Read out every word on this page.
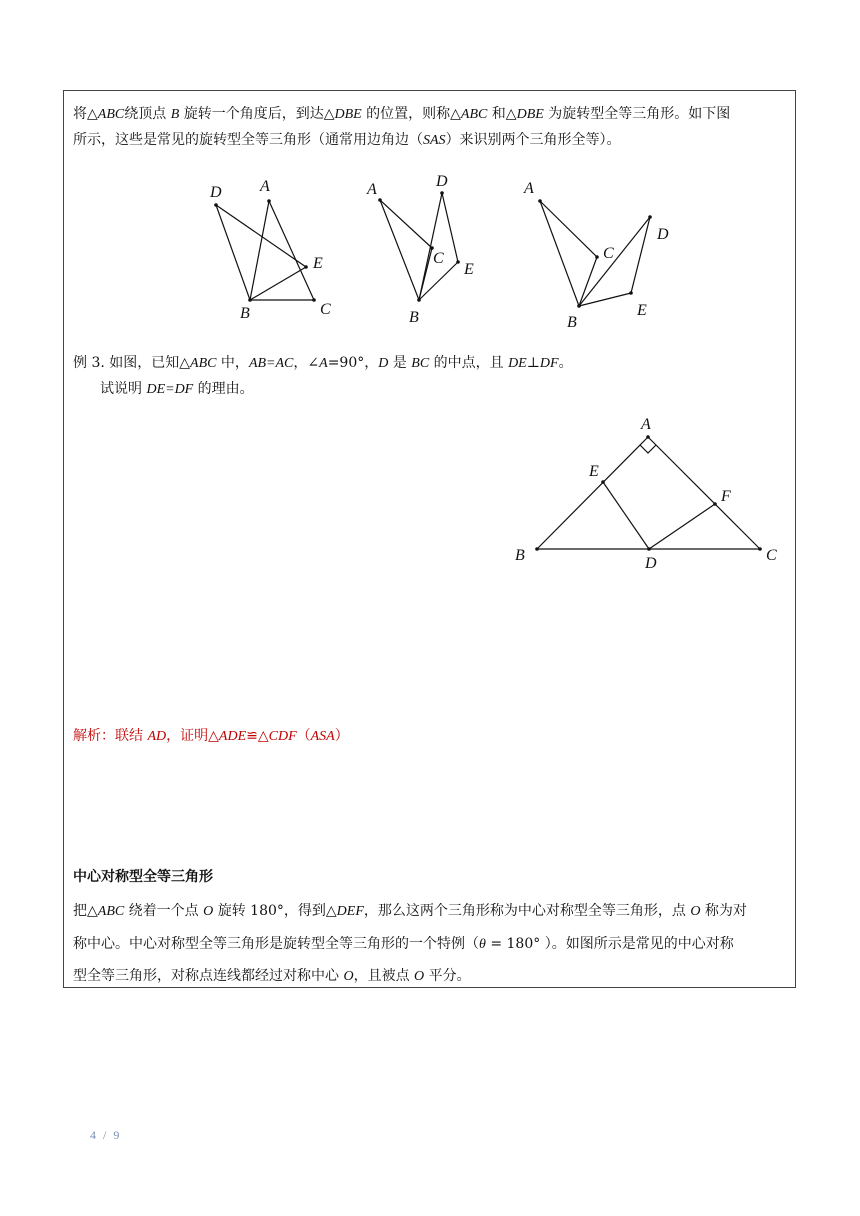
将△ABC绕顶点 B 旋转一个角度后，到达△DBE 的位置，则称△ABC 和△DBE 为旋转型全等三角形。如下图
所示，这些是常见的旋转型全等三角形（通常用边角边（SAS）来识别两个三角形全等）。
D A
E
B	C
A	D
C
E
B
A
C
D
E
B
例 3. 如图，已知△ABC 中，AB=AC，∠A=90°，D 是 BC 的中点，且 DE⊥DF。
试说明 DE=DF 的理由。
A
E
F
B	D	C
解析：联结 AD，证明△ADE≌△CDF（ASA）
中心对称型全等三角形
把△ABC 绕着一个点 O 旋转 180°，得到△DEF，那么这两个三角形称为中心对称型全等三角形，点 O 称为对
称中心。中心对称型全等三角形是旋转型全等三角形的一个特例（θ = 180° ）。如图所示是常见的中心对称
型全等三角形，对称点连线都经过对称中心 O，且被点 O 平分。
4 / 9
